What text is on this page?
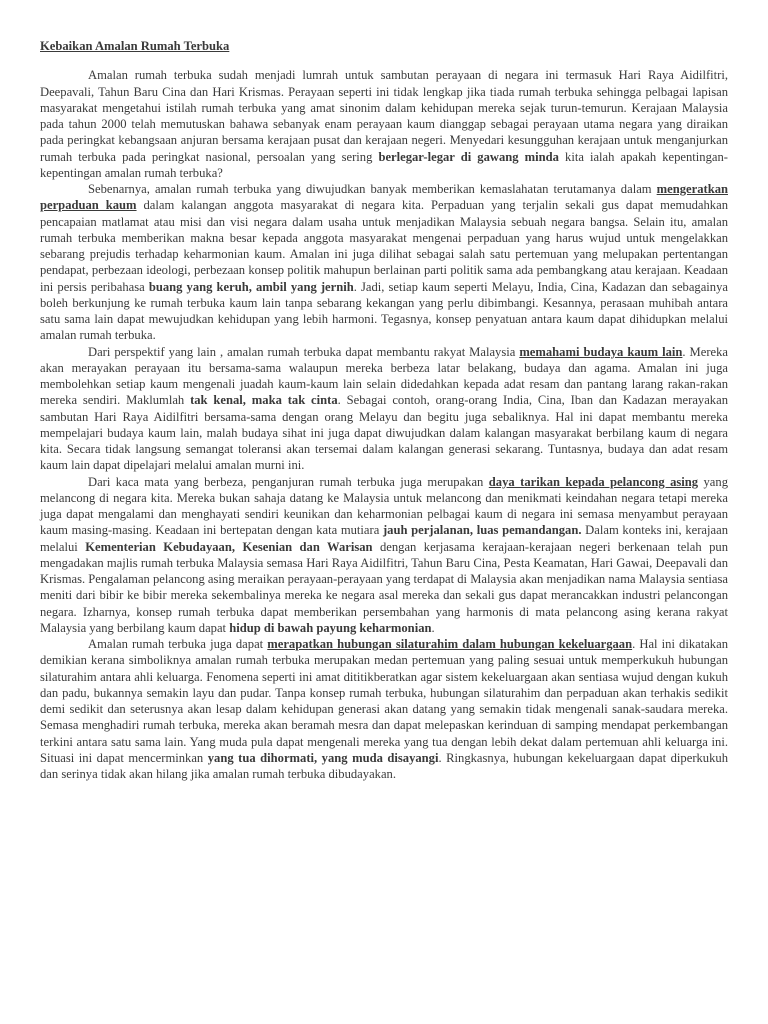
Kebaikan Amalan Rumah Terbuka

Amalan rumah terbuka sudah menjadi lumrah untuk sambutan perayaan di negara ini termasuk Hari Raya Aidilfitri, Deepavali, Tahun Baru Cina dan Hari Krismas. Perayaan seperti ini tidak lengkap jika tiada rumah terbuka sehingga pelbagai lapisan masyarakat mengetahui istilah rumah terbuka yang amat sinonim dalam kehidupan mereka sejak turun-temurun. Kerajaan Malaysia pada tahun 2000 telah memutuskan bahawa sebanyak enam perayaan kaum dianggap sebagai perayaan utama negara yang diraikan pada peringkat kebangsaan anjuran bersama kerajaan pusat dan kerajaan negeri. Menyedari kesungguhan kerajaan untuk menganjurkan rumah terbuka pada peringkat nasional, persoalan yang sering berlegar-legar di gawang minda kita ialah apakah kepentingan-kepentingan amalan rumah terbuka?

Sebenarnya, amalan rumah terbuka yang diwujudkan banyak memberikan kemaslahatan terutamanya dalam mengeratkan perpaduan kaum dalam kalangan anggota masyarakat di negara kita. Perpaduan yang terjalin sekali gus dapat memudahkan pencapaian matlamat atau misi dan visi negara dalam usaha untuk menjadikan Malaysia sebuah negara bangsa. Selain itu, amalan rumah terbuka memberikan makna besar kepada anggota masyarakat mengenai perpaduan yang harus wujud untuk mengelakkan sebarang prejudis terhadap keharmonian kaum. Amalan ini juga dilihat sebagai salah satu pertemuan yang melupakan pertentangan pendapat, perbezaan ideologi, perbezaan konsep politik mahupun berlainan parti politik sama ada pembangkang atau kerajaan. Keadaan ini persis peribahasa buang yang keruh, ambil yang jernih. Jadi, setiap kaum seperti Melayu, India, Cina, Kadazan dan sebagainya boleh berkunjung ke rumah terbuka kaum lain tanpa sebarang kekangan yang perlu dibimbangi. Kesannya, perasaan muhibah antara satu sama lain dapat mewujudkan kehidupan yang lebih harmoni. Tegasnya, konsep penyatuan antara kaum dapat dihidupkan melalui amalan rumah terbuka.

Dari perspektif yang lain , amalan rumah terbuka dapat membantu rakyat Malaysia memahami budaya kaum lain. Mereka akan merayakan perayaan itu bersama-sama walaupun mereka berbeza latar belakang, budaya dan agama. Amalan ini juga membolehkan setiap kaum mengenali juadah kaum-kaum lain selain didedahkan kepada adat resam dan pantang larang rakan-rakan mereka sendiri. Maklumlah tak kenal, maka tak cinta. Sebagai contoh, orang-orang India, Cina, Iban dan Kadazan merayakan sambutan Hari Raya Aidilfitri bersama-sama dengan orang Melayu dan begitu juga sebaliknya. Hal ini dapat membantu mereka mempelajari budaya kaum lain, malah budaya sihat ini juga dapat diwujudkan dalam kalangan masyarakat berbilang kaum di negara kita. Secara tidak langsung semangat toleransi akan tersemai dalam kalangan generasi sekarang. Tuntasnya, budaya dan adat resam kaum lain dapat dipelajari melalui amalan murni ini.

Dari kaca mata yang berbeza, penganjuran rumah terbuka juga merupakan daya tarikan kepada pelancong asing yang melancong di negara kita. Mereka bukan sahaja datang ke Malaysia untuk melancong dan menikmati keindahan negara tetapi mereka juga dapat mengalami dan menghayati sendiri keunikan dan keharmonian pelbagai kaum di negara ini semasa menyambut perayaan kaum masing-masing. Keadaan ini bertepatan dengan kata mutiara jauh perjalanan, luas pemandangan. Dalam konteks ini, kerajaan melalui Kementerian Kebudayaan, Kesenian dan Warisan dengan kerjasama kerajaan-kerajaan negeri berkenaan telah pun mengadakan majlis rumah terbuka Malaysia semasa Hari Raya Aidilfitri, Tahun Baru Cina, Pesta Keamatan, Hari Gawai, Deepavali dan Krismas. Pengalaman pelancong asing meraikan perayaan-perayaan yang terdapat di Malaysia akan menjadikan nama Malaysia sentiasa meniti dari bibir ke bibir mereka sekembalinya mereka ke negara asal mereka dan sekali gus dapat merancakkan industri pelancongan negara. Izharnya, konsep rumah terbuka dapat memberikan persembahan yang harmonis di mata pelancong asing kerana rakyat Malaysia yang berbilang kaum dapat hidup di bawah payung keharmonian.

Amalan rumah terbuka juga dapat merapatkan hubungan silaturahim dalam hubungan kekeluargaan. Hal ini dikatakan demikian kerana simboliknya amalan rumah terbuka merupakan medan pertemuan yang paling sesuai untuk memperkukuh hubungan silaturahim antara ahli keluarga. Fenomena seperti ini amat dititikberatkan agar sistem kekeluargaan akan sentiasa wujud dengan kukuh dan padu, bukannya semakin layu dan pudar. Tanpa konsep rumah terbuka, hubungan silaturahim dan perpaduan akan terhakis sedikit demi sedikit dan seterusnya akan lesap dalam kehidupan generasi akan datang yang semakin tidak mengenali sanak-saudara mereka. Semasa menghadiri rumah terbuka, mereka akan beramah mesra dan dapat melepaskan kerinduan di samping mendapat perkembangan terkini antara satu sama lain. Yang muda pula dapat mengenali mereka yang tua dengan lebih dekat dalam pertemuan ahli keluarga ini. Situasi ini dapat mencerminkan yang tua dihormati, yang muda disayangi. Ringkasnya, hubungan kekeluargaan dapat diperkukuh dan serinya tidak akan hilang jika amalan rumah terbuka dibudayakan.
